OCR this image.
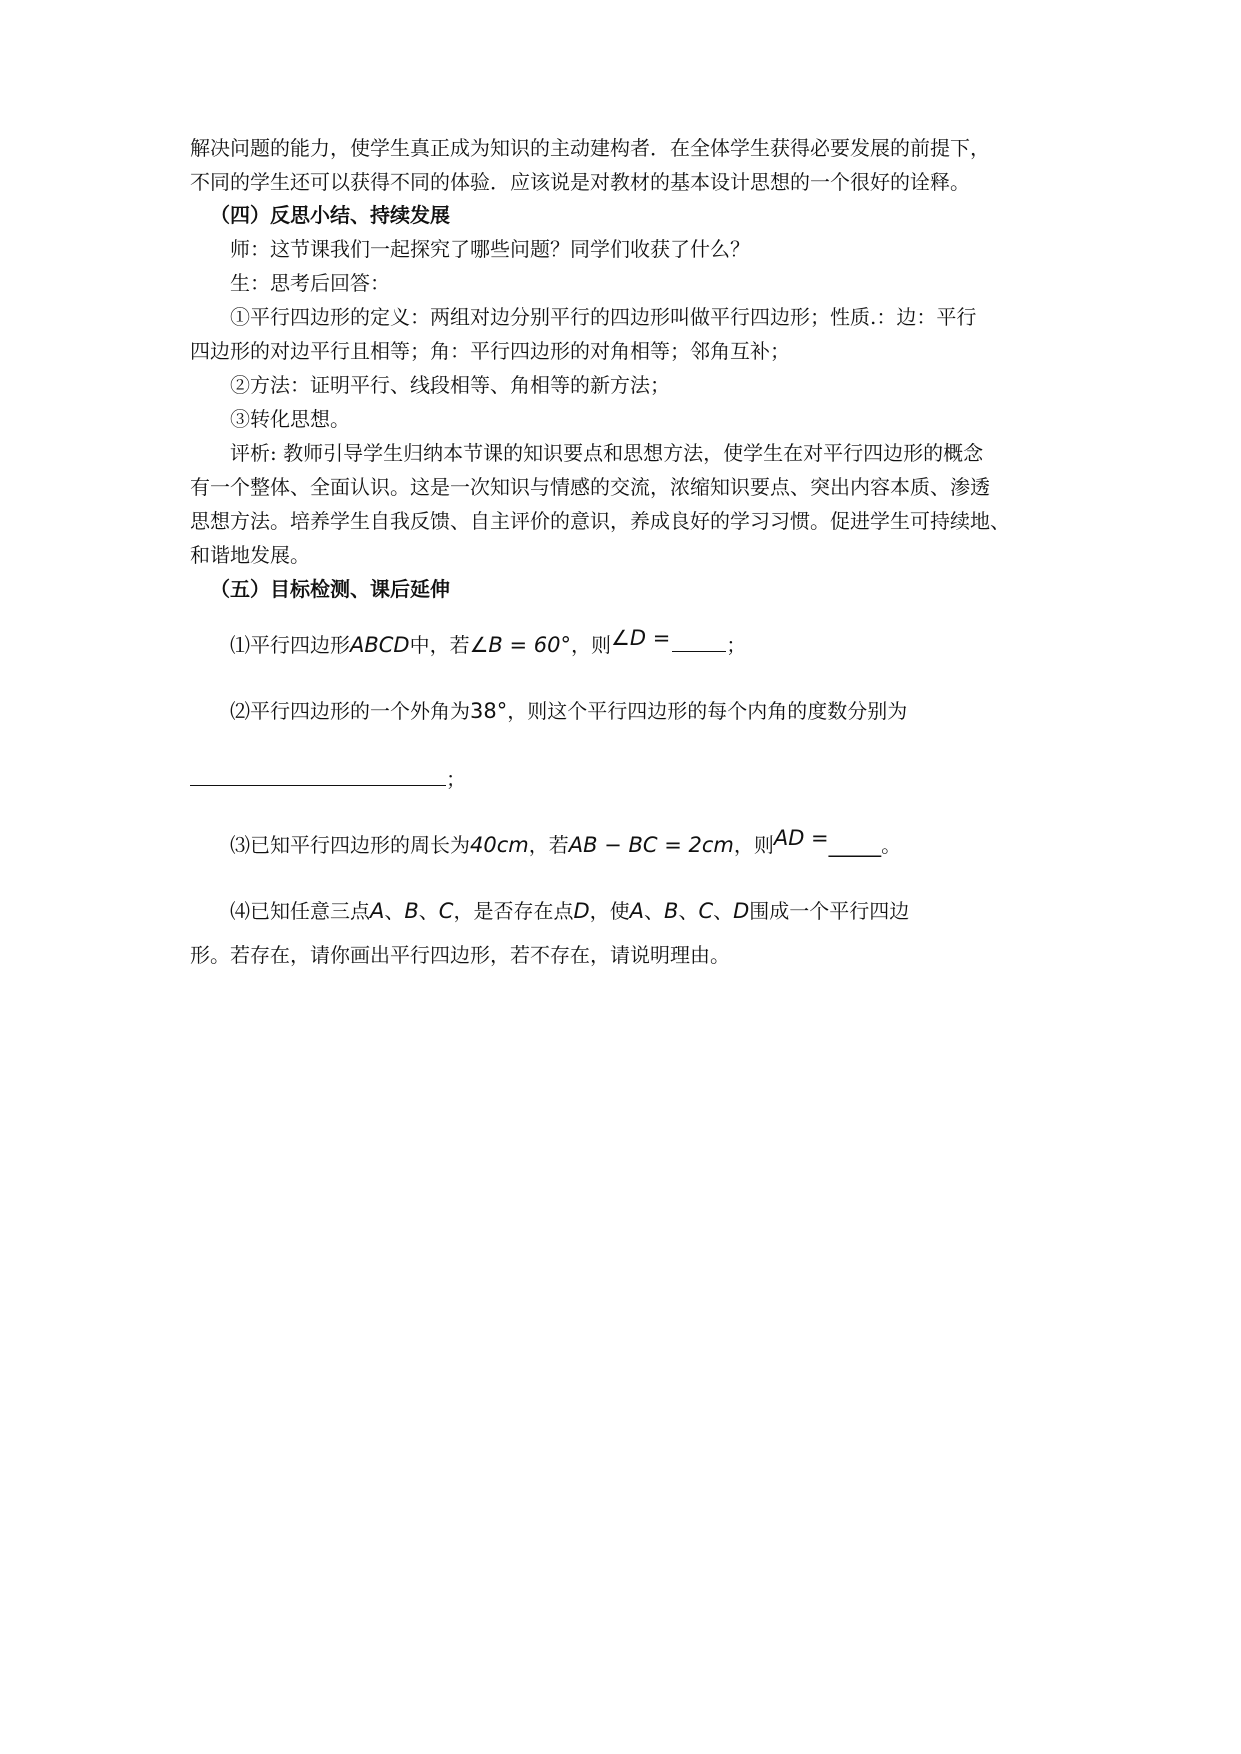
解决问题的能力，使学生真正成为知识的主动建构者．在全体学生获得必要发展的前提下，
不同的学生还可以获得不同的体验．应该说是对教材的基本设计思想的一个很好的诠释。
（四）反思小结、持续发展
师：这节课我们一起探究了哪些问题？同学们收获了什么？
生：思考后回答：
①平行四边形的定义：两组对边分别平行的四边形叫做平行四边形；性质.：边：平行
四边形的对边平行且相等；角：平行四边形的对角相等；邻角互补；
②方法：证明平行、线段相等、角相等的新方法；
③转化思想。
评析: 教师引导学生归纳本节课的知识要点和思想方法，使学生在对平行四边形的概念
有一个整体、全面认识。这是一次知识与情感的交流，浓缩知识要点、突出内容本质、渗透
思想方法。培养学生自我反馈、自主评价的意识，养成良好的学习习惯。促进学生可持续地、
和谐地发展。
（五）目标检测、课后延伸
⑴平行四边形ABCD中，若∠B = 60°，则∠D =	；
⑵平行四边形的一个外角为38°，则这个平行四边形的每个内角的度数分别为
；
⑶已知平行四边形的周长为40cm，若AB − BC = 2cm，则AD =_____。
⑷已知任意三点A、B、C，是否存在点D，使A、B、C、D围成一个平行四边
形。若存在，请你画出平行四边形，若不存在，请说明理由。
